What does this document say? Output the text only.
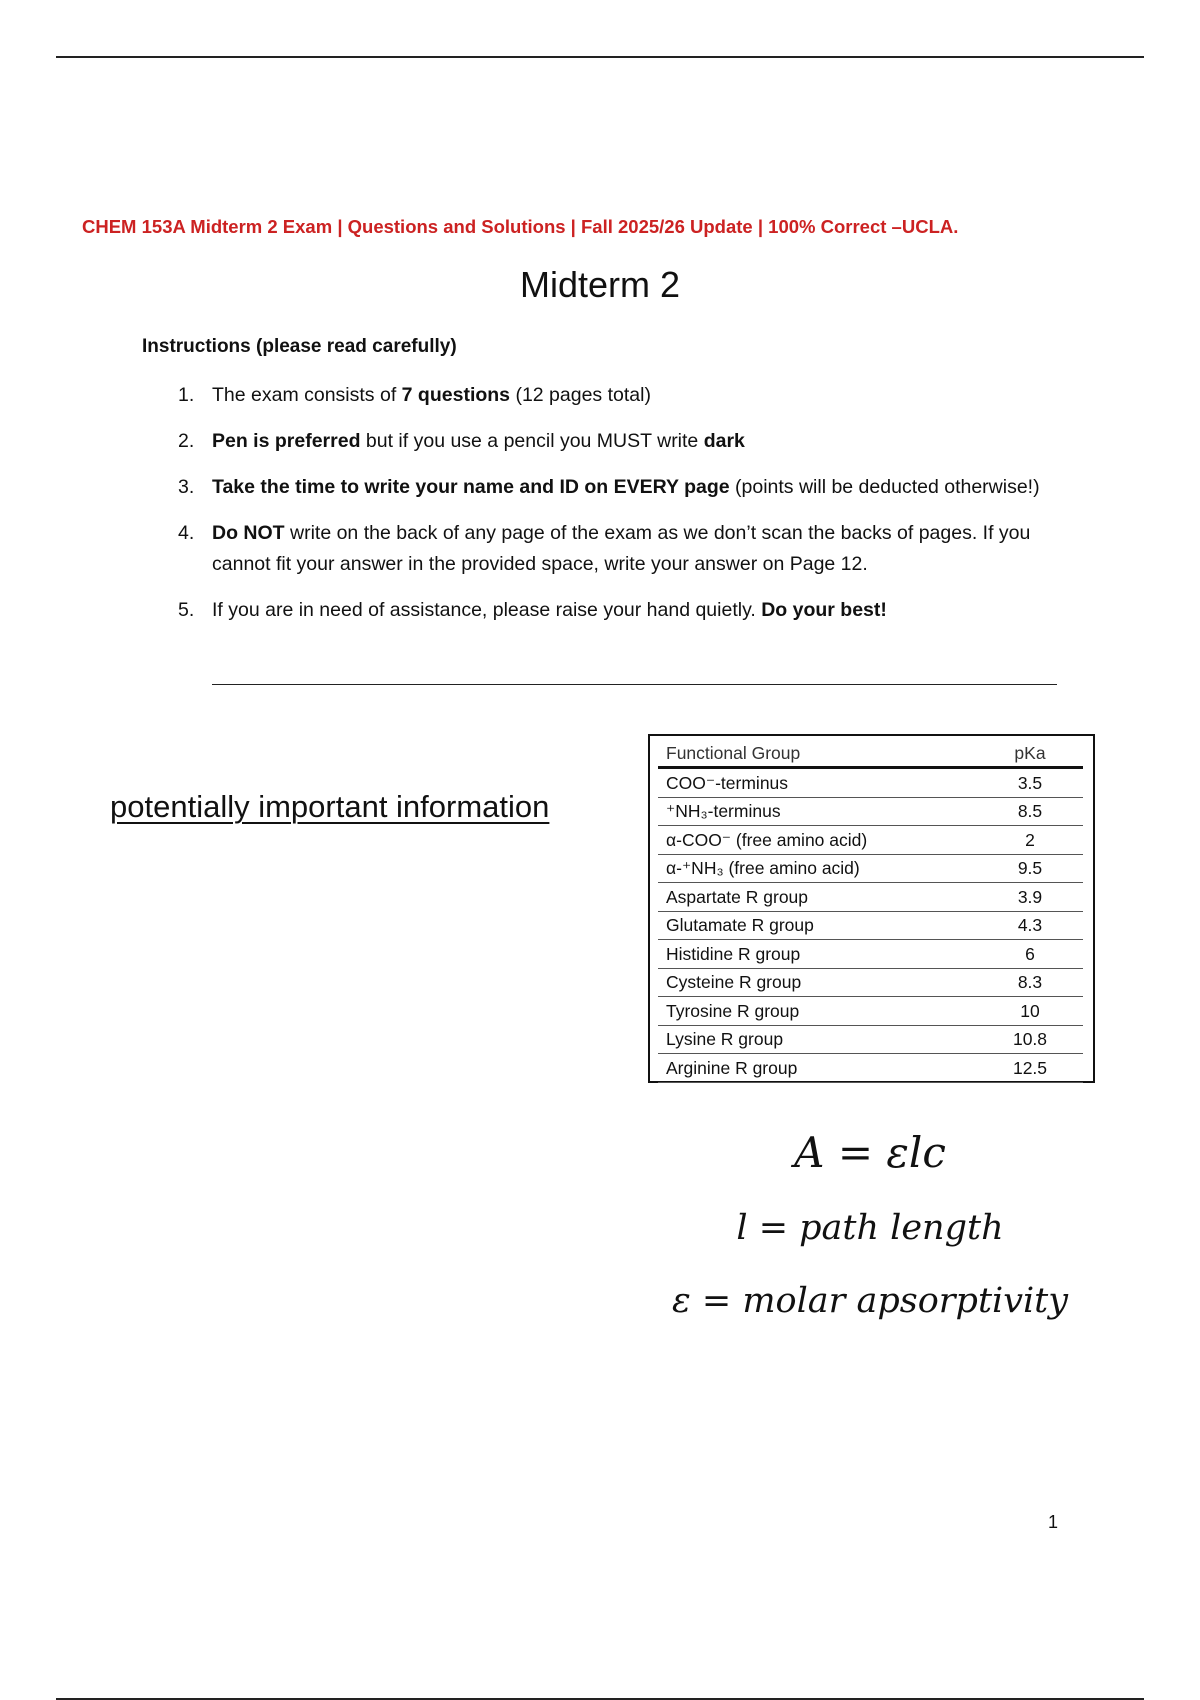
CHEM 153A Midterm 2 Exam | Questions and Solutions | Fall 2025/26 Update | 100% Correct –UCLA.
Midterm 2
Instructions (please read carefully)
1. The exam consists of 7 questions (12 pages total)
2. Pen is preferred but if you use a pencil you MUST write dark
3. Take the time to write your name and ID on EVERY page (points will be deducted otherwise!)
4. Do NOT write on the back of any page of the exam as we don’t scan the backs of pages. If you cannot fit your answer in the provided space, write your answer on Page 12.
5. If you are in need of assistance, please raise your hand quietly. Do your best!
potentially important information
Functional Group	pKa
COO⁻-terminus	3.5
⁺NH₃-terminus	8.5
α-COO⁻ (free amino acid)	2
α-⁺NH₃ (free amino acid)	9.5
Aspartate R group	3.9
Glutamate R group	4.3
Histidine R group	6
Cysteine R group	8.3
Tyrosine R group	10
Lysine R group	10.8
Arginine R group	12.5
A = εlc
l = path length
ε = molar apsorptivity
1
